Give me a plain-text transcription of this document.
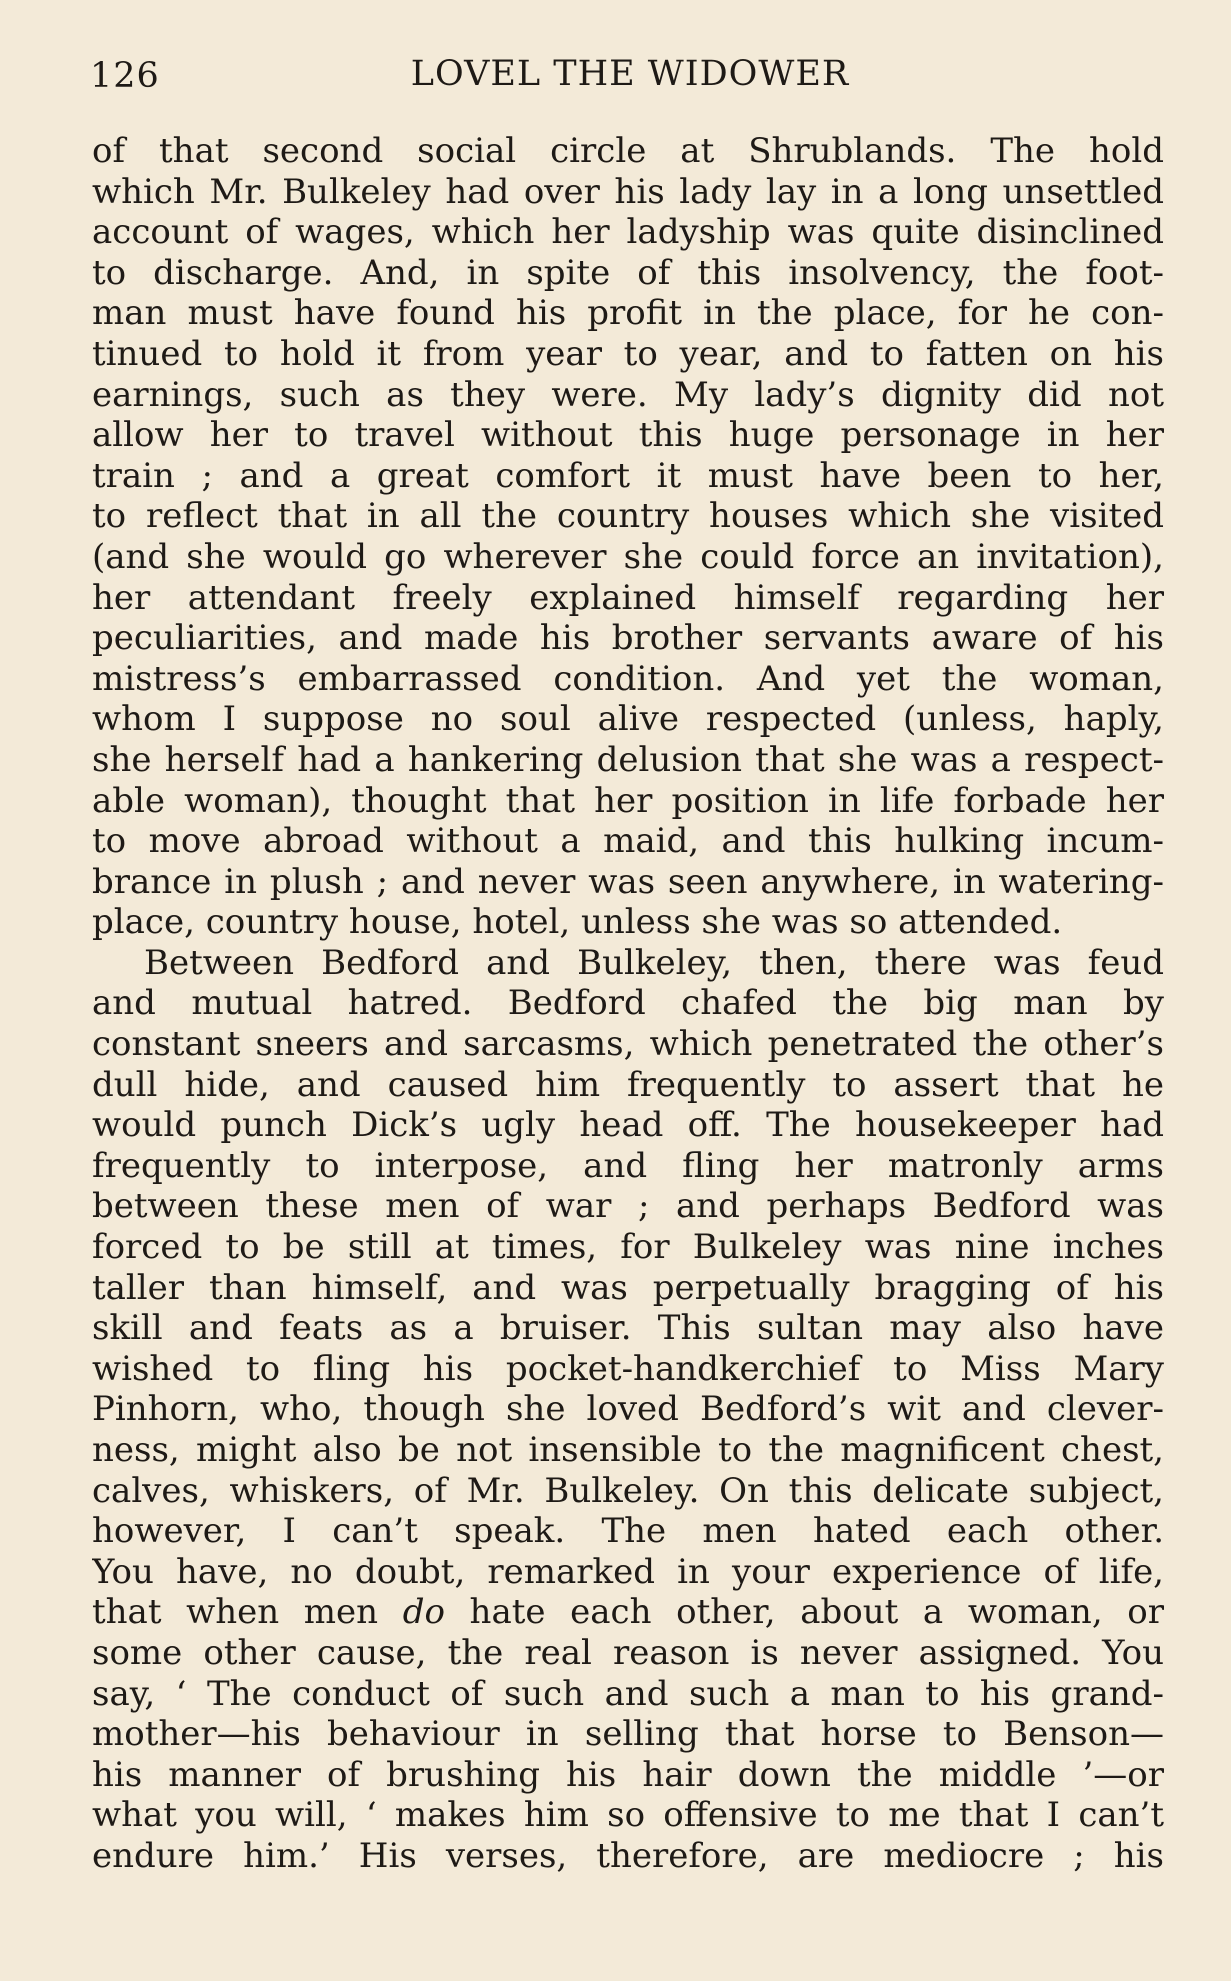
126	LOVEL THE WIDOWER
of that second social circle at Shrublands. The hold
which Mr. Bulkeley had over his lady lay in a long unsettled
account of wages, which her ladyship was quite disinclined
to discharge. And, in spite of this insolvency, the foot-
man must have found his profit in the place, for he con-
tinued to hold it from year to year, and to fatten on his
earnings, such as they were. My lady’s dignity did not
allow her to travel without this huge personage in her
train ; and a great comfort it must have been to her,
to reflect that in all the country houses which she visited
(and she would go wherever she could force an invitation),
her attendant freely explained himself regarding her
peculiarities, and made his brother servants aware of his
mistress’s embarrassed condition. And yet the woman,
whom I suppose no soul alive respected (unless, haply,
she herself had a hankering delusion that she was a respect-
able woman), thought that her position in life forbade her
to move abroad without a maid, and this hulking incum-
brance in plush ; and never was seen anywhere, in watering-
place, country house, hotel, unless she was so attended.
Between Bedford and Bulkeley, then, there was feud
and mutual hatred. Bedford chafed the big man by
constant sneers and sarcasms, which penetrated the other’s
dull hide, and caused him frequently to assert that he
would punch Dick’s ugly head off. The housekeeper had
frequently to interpose, and fling her matronly arms
between these men of war ; and perhaps Bedford was
forced to be still at times, for Bulkeley was nine inches
taller than himself, and was perpetually bragging of his
skill and feats as a bruiser. This sultan may also have
wished to fling his pocket-handkerchief to Miss Mary
Pinhorn, who, though she loved Bedford’s wit and clever-
ness, might also be not insensible to the magnificent chest,
calves, whiskers, of Mr. Bulkeley. On this delicate subject,
however, I can’t speak. The men hated each other.
You have, no doubt, remarked in your experience of life,
that when men do hate each other, about a woman, or
some other cause, the real reason is never assigned. You
say, ‘ The conduct of such and such a man to his grand-
mother—his behaviour in selling that horse to Benson—
his manner of brushing his hair down the middle ’—or
what you will, ‘ makes him so offensive to me that I can’t
endure him.’ His verses, therefore, are mediocre ; his
